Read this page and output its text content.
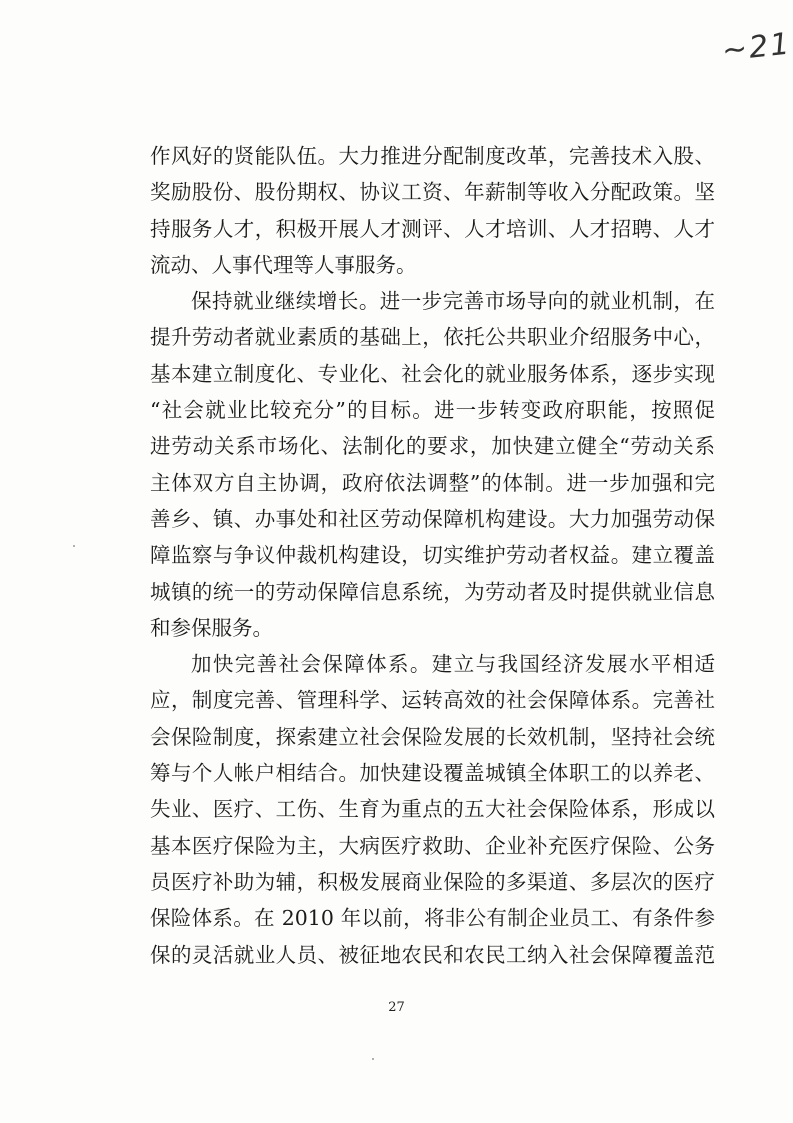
~21
作风好的贤能队伍。大力推进分配制度改革，完善技术入股、
奖励股份、股份期权、协议工资、年薪制等收入分配政策。坚
持服务人才，积极开展人才测评、人才培训、人才招聘、人才
流动、人事代理等人事服务。
保持就业继续增长。进一步完善市场导向的就业机制，在
提升劳动者就业素质的基础上，依托公共职业介绍服务中心，
基本建立制度化、专业化、社会化的就业服务体系，逐步实现
“社会就业比较充分”的目标。进一步转变政府职能，按照促
进劳动关系市场化、法制化的要求，加快建立健全“劳动关系
主体双方自主协调，政府依法调整”的体制。进一步加强和完
善乡、镇、办事处和社区劳动保障机构建设。大力加强劳动保
障监察与争议仲裁机构建设，切实维护劳动者权益。建立覆盖
城镇的统一的劳动保障信息系统，为劳动者及时提供就业信息
和参保服务。
加快完善社会保障体系。建立与我国经济发展水平相适
应，制度完善、管理科学、运转高效的社会保障体系。完善社
会保险制度，探索建立社会保险发展的长效机制，坚持社会统
筹与个人帐户相结合。加快建设覆盖城镇全体职工的以养老、
失业、医疗、工伤、生育为重点的五大社会保险体系，形成以
基本医疗保险为主，大病医疗救助、企业补充医疗保险、公务
员医疗补助为辅，积极发展商业保险的多渠道、多层次的医疗
保险体系。在 2010 年以前，将非公有制企业员工、有条件参
保的灵活就业人员、被征地农民和农民工纳入社会保障覆盖范
27
